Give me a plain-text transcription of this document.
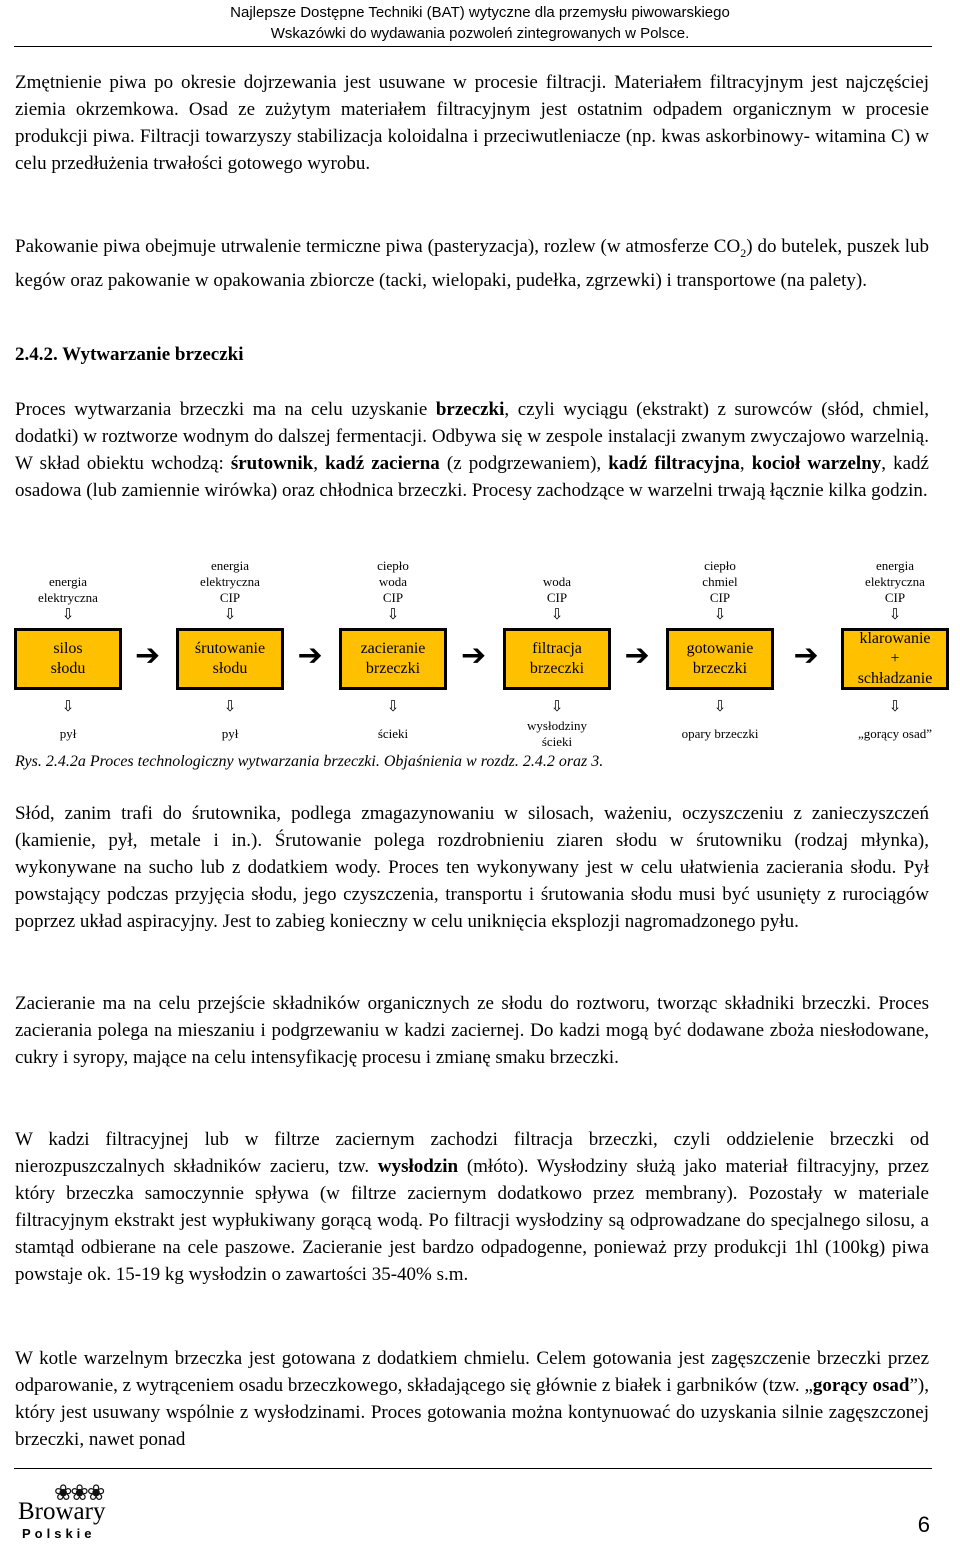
Najlepsze Dostępne Techniki (BAT) wytyczne dla przemysłu piwowarskiego
Wskazówki do wydawania pozwoleń zintegrowanych w Polsce.

Zmętnienie piwa po okresie dojrzewania jest usuwane w procesie filtracji. Materiałem filtracyjnym jest najczęściej ziemia okrzemkowa. Osad ze zużytym materiałem filtracyjnym jest ostatnim odpadem organicznym w procesie produkcji piwa. Filtracji towarzyszy stabilizacja koloidalna i przeciwutleniacze (np. kwas askorbinowy- witamina C) w celu przedłużenia trwałości gotowego wyrobu.

Pakowanie piwa obejmuje utrwalenie termiczne piwa (pasteryzacja), rozlew (w atmosferze $CO_2$) do butelek, puszek lub kegów oraz pakowanie w opakowania zbiorcze (tacki, wielopaki, pudełka, zgrzewki) i transportowe (na palety).

2.4.2. Wytwarzanie brzeczki

Proces wytwarzania brzeczki ma na celu uzyskanie brzeczki, czyli wyciągu (ekstrakt) z surowców (słód, chmiel, dodatki) w roztworze wodnym do dalszej fermentacji. Odbywa się w zespole instalacji zwanym zwyczajowo warzelnią. W skład obiektu wchodzą: śrutownik, kadź zacierna (z podgrzewaniem), kadź filtracyjna, kocioł warzelny, kadź osadowa (lub zamiennie wirówka) oraz chłodnica brzeczki. Procesy zachodzące w warzelni trwają łącznie kilka godzin.

energia
elektryczna
⇩
silos
słodu
⇩
pył
➔
energia
elektryczna
CIP
⇩
śrutowanie
słodu
⇩
pył
➔
ciepło
woda
CIP
⇩
zacieranie
brzeczki
⇩
ścieki
➔
woda
CIP
⇩
filtracja
brzeczki
⇩
wysłodziny
ścieki
➔
ciepło
chmiel
CIP
⇩
gotowanie
brzeczki
⇩
opary brzeczki
➔
energia
elektryczna
CIP
⇩
klarowanie
+
schładzanie
⇩
„gorący osad”
Rys. 2.4.2a Proces technologiczny wytwarzania brzeczki. Objaśnienia w rozdz. 2.4.2 oraz 3.

Słód, zanim trafi do śrutownika, podlega zmagazynowaniu w silosach, ważeniu, oczyszczeniu z zanieczyszczeń (kamienie, pył, metale i in.). Śrutowanie polega rozdrobnieniu ziaren słodu w śrutowniku (rodzaj młynka), wykonywane na sucho lub z dodatkiem wody. Proces ten wykonywany jest w celu ułatwienia zacierania słodu. Pył powstający podczas przyjęcia słodu, jego czyszczenia, transportu i śrutowania słodu musi być usunięty z rurociągów poprzez układ aspiracyjny. Jest to zabieg konieczny w celu uniknięcia eksplozji nagromadzonego pyłu.

Zacieranie ma na celu przejście składników organicznych ze słodu do roztworu, tworząc składniki brzeczki. Proces zacierania polega na mieszaniu i podgrzewaniu w kadzi zaciernej. Do kadzi mogą być dodawane zboża niesłodowane, cukry i syropy, mające na celu intensyfikację procesu i zmianę smaku brzeczki.

W kadzi filtracyjnej lub w filtrze zaciernym zachodzi filtracja brzeczki, czyli oddzielenie brzeczki od nierozpuszczalnych składników zacieru, tzw. wysłodzin (młóto). Wysłodziny służą jako materiał filtracyjny, przez który brzeczka samoczynnie spływa (w filtrze zaciernym dodatkowo przez membrany). Pozostały w materiale filtracyjnym ekstrakt jest wypłukiwany gorącą wodą. Po filtracji wysłodziny są odprowadzane do specjalnego silosu, a stamtąd odbierane na cele paszowe. Zacieranie jest bardzo odpadogenne, ponieważ przy produkcji 1hl (100kg) piwa powstaje ok. 15-19 kg wysłodzin o zawartości 35-40% s.m.

W kotle warzelnym brzeczka jest gotowana z dodatkiem chmielu. Celem gotowania jest zagęszczenie brzeczki przez odparowanie, z wytrąceniem osadu brzeczkowego, składającego się głównie z białek i garbników (tzw. „gorący osad”), który jest usuwany wspólnie z wysłodzinami. Proces gotowania można kontynuować do uzyskania silnie zagęszczonej brzeczki, nawet ponad

❀❀❀
Browary
Polskie	6
